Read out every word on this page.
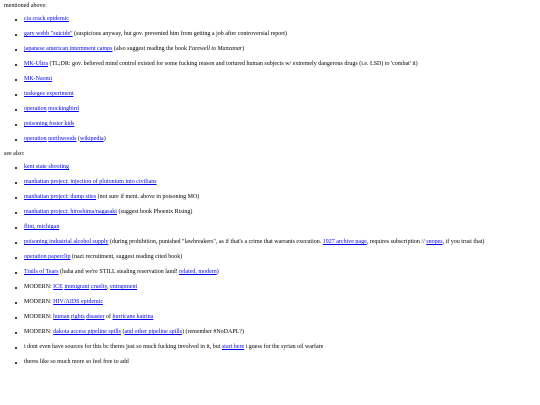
mentioned above:
cia crack epidemic
gary webb "suicide" (suspicious anyway, but gov. prevented him from getting a job after controversial report)
japanese american internment camps (also suggest reading the book Farewell to Manzanar)
MK-Ultra (TL;DR: gov. believed mind control existed for some fucking reason and tortured human subjects w/ extremely dangerous drugs (i.e. LSD) to 'combat' it)
MK-Naomi
tuskegee experiment
operation mockingbird
poisoning foster kids
operation northwoods (wikipedia)
see also:
kent state shooting
manhattan project: injection of plutonium into civilians
manhattan project: dump sites (not sure if ment. above in poisoning MO)
manhattan project: hiroshima/nagasaki (suggest book Phoenix Rising)
flint, michigan
poisoning industrial alcohol supply (during prohibition, punished "lawbreakers", as if that's a crime that warrants execution. 1927 archive page, requires subscription // snopes, if you trust that)
operation paperclip (nazi recruitment, suggest reading cited book)
Trails of Tears (haha and we're STILL stealing reservation land! related, modern)
MODERN: ICE immigrant cruelty, entrapment
MODERN: HIV/AIDS epidemic
MODERN: human rights disaster of hurricane katrina
MODERN: dakota access pipeline spills (and other pipeline spills) (remember #NoDAPL?)
i dont even have sources for this bc theres just so much fucking involved in it, but start here i guess for the syrian oil warfare
theres like so much more so feel free to add
